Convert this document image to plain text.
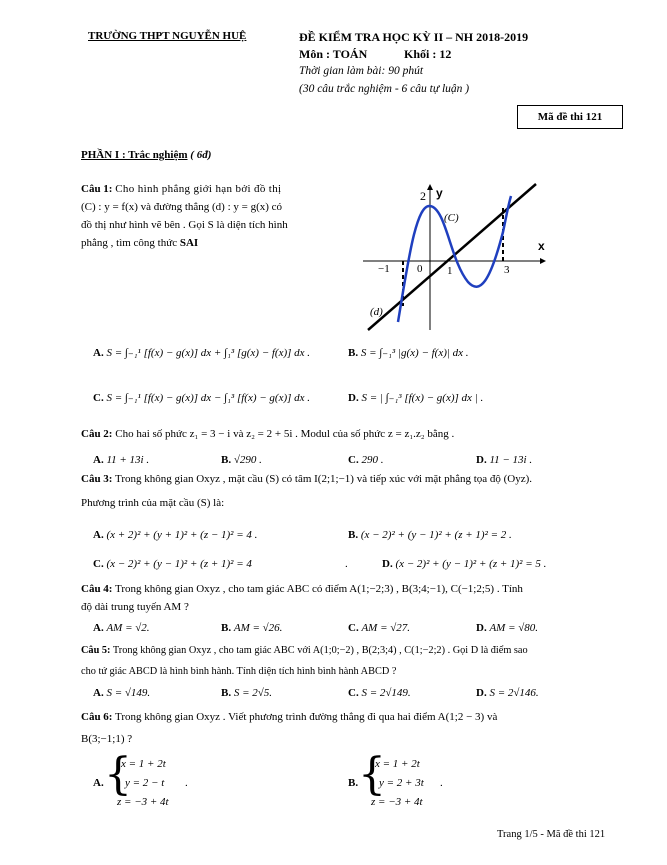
TRƯỜNG THPT NGUYỄN HUỆ	ĐỀ KIỂM TRA HỌC KỲ II – NH 2018-2019
Môn : TOÁN	Khối : 12
Thời gian làm bài: 90 phút
(30 câu trắc nghiệm - 6 câu tự luận )
Mã đề thi 121
PHẦN I : Trắc nghiệm ( 6đ)
Câu 1: Cho hình phẳng giới hạn bởi đồ thị
(C) : y = f(x) và đường thẳng (d) : y = g(x) có
đồ thị như hình vẽ bên . Gọi S là diện tích hình
phẳng , tìm công thức SAI
y
x
2
(C)
−1 0 1	3
(d)
A. S = ∫₋₁¹ [f(x) − g(x)] dx + ∫₁³ [g(x) − f(x)] dx .	B. S = ∫₋₁³ |g(x) − f(x)| dx .
C. S = ∫₋₁¹ [f(x) − g(x)] dx − ∫₁³ [f(x) − g(x)] dx .	D. S = | ∫₋₁³ [f(x) − g(x)] dx | .
Câu 2: Cho hai số phức z₁ = 3 − i và z₂ = 2 + 5i . Modul của số phức z = z₁.z₂ bằng .
A. 11 + 13i .	B. √290 .	C. 290 .	D. 11 − 13i .
Câu 3: Trong không gian Oxyz , mặt cầu (S) có tâm I(2;1;−1) và tiếp xúc với mặt phẳng tọa độ (Oyz).
Phương trình của mặt cầu (S) là:
A. (x + 2)² + (y + 1)² + (z − 1)² = 4 .	B. (x − 2)² + (y − 1)² + (z + 1)² = 2 .
C. (x − 2)² + (y − 1)² + (z + 1)² = 4	.	D. (x − 2)² + (y − 1)² + (z + 1)² = 5 .
Câu 4: Trong không gian Oxyz , cho tam giác ABC có điểm A(1;−2;3) , B(3;4;−1), C(−1;2;5) . Tính
độ dài trung tuyến AM ?
A. AM = √2.	B. AM = √26.	C. AM = √27.	D. AM = √80.
Câu 5: Trong không gian Oxyz , cho tam giác ABC với A(1;0;−2) , B(2;3;4) , C(1;−2;2) . Gọi D là điểm sao
cho tứ giác ABCD là hình bình hành. Tính diện tích hình bình hành ABCD ?
A. S = √149.	B. S = 2√5.	C. S = 2√149.	D. S = 2√146.
Câu 6: Trong không gian Oxyz . Viết phương trình đường thẳng đi qua hai điểm A(1;2 − 3) và
B(3;−1;1) ?
A. {
x = 1 + 2t
y = 2 − t
z = −3 + 4t
.	B. {
x = 1 + 2t
y = 2 + 3t
z = −3 + 4t
.
Trang 1/5 - Mã đề thi 121
